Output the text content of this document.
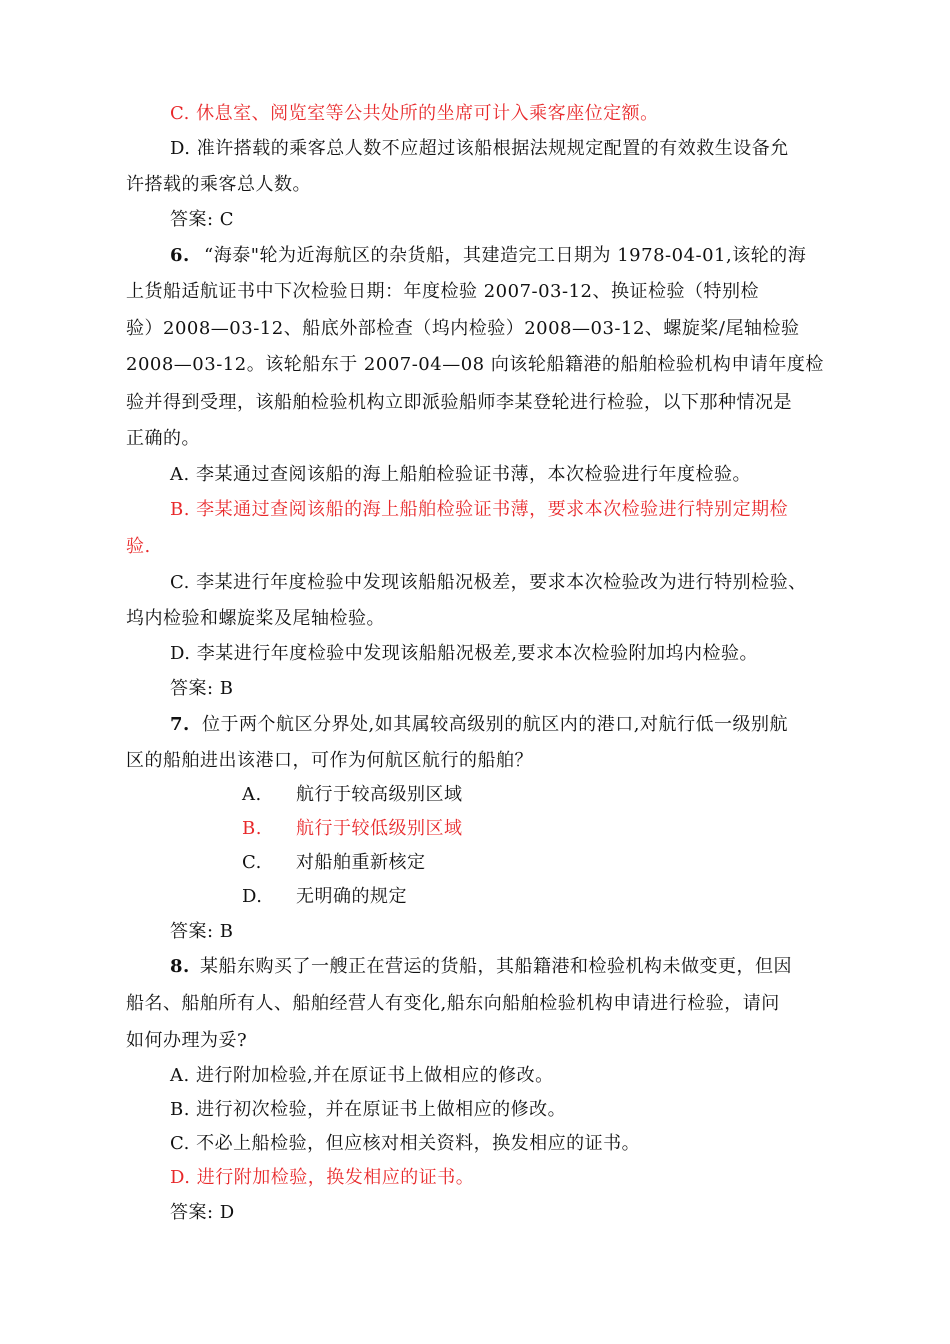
C. 休息室、阅览室等公共处所的坐席可计入乘客座位定额。
D. 准许搭载的乘客总人数不应超过该船根据法规规定配置的有效救生设备允
许搭载的乘客总人数。
答案: C
6. “海泰"轮为近海航区的杂货船，其建造完工日期为 1978-04-01,该轮的海
上货船适航证书中下次检验日期：年度检验 2007-03-12、换证检验（特别检
验）2008—03-12、船底外部检查（坞内检验）2008—03-12、螺旋桨/尾轴检验
2008—03-12。该轮船东于 2007-04—08 向该轮船籍港的船舶检验机构申请年度检
验并得到受理，该船舶检验机构立即派验船师李某登轮进行检验，以下那种情况是
正确的。
A. 李某通过查阅该船的海上船舶检验证书薄，本次检验进行年度检验。
B. 李某通过查阅该船的海上船舶检验证书薄，要求本次检验进行特别定期检
验.
C. 李某进行年度检验中发现该船船况极差，要求本次检验改为进行特别检验、
坞内检验和螺旋桨及尾轴检验。
D. 李某进行年度检验中发现该船船况极差,要求本次检验附加坞内检验。
答案: B
7. 位于两个航区分界处,如其属较高级别的航区内的港口,对航行低一级别航
区的船舶进出该港口，可作为何航区航行的船舶？
A. 航行于较高级别区域
B. 航行于较低级别区域
C. 对船舶重新核定
D. 无明确的规定
答案: B
8. 某船东购买了一艘正在营运的货船，其船籍港和检验机构未做变更，但因
船名、船舶所有人、船舶经营人有变化,船东向船舶检验机构申请进行检验，请问
如何办理为妥?
A. 进行附加检验,并在原证书上做相应的修改。
B. 进行初次检验，并在原证书上做相应的修改。
C. 不必上船检验，但应核对相关资料，换发相应的证书。
D. 进行附加检验，换发相应的证书。
答案: D
